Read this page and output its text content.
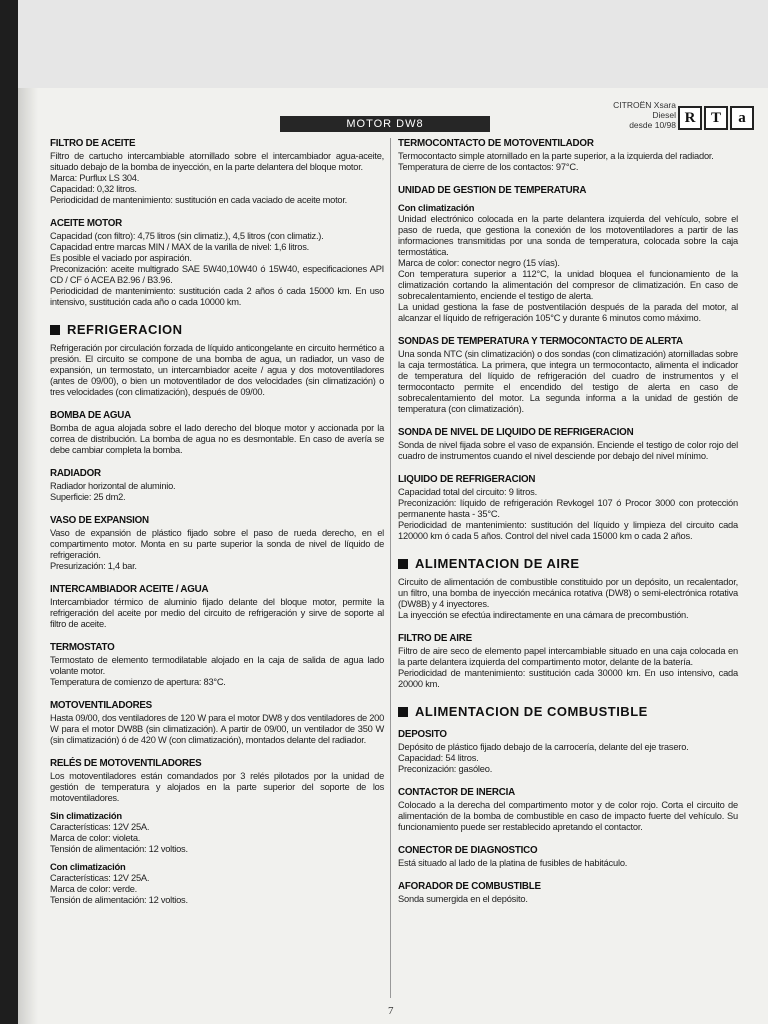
MOTOR DW8
CITROËN Xsara
Diesel
desde 10/98 R	T	a
FILTRO DE ACEITE

Filtro de cartucho intercambiable atornillado sobre el intercambiador agua-aceite, situado debajo de la bomba de inyección, en la parte delantera del bloque motor.
Marca: Purflux LS 304.
Capacidad: 0,32 litros.
Periodicidad de mantenimiento: sustitución en cada vaciado de aceite motor.

ACEITE MOTOR

Capacidad (con filtro): 4,75 litros (sin climatiz.), 4,5 litros (con climatiz.).
Capacidad entre marcas MIN / MAX de la varilla de nivel: 1,6 litros.
Es posible el vaciado por aspiración.
Preconización: aceite multigrado SAE 5W40,10W40 ó 15W40, especificaciones API CD / CF ó ACEA B2.96 / B3.96.
Periodicidad de mantenimiento: sustitución cada 2 años ó cada 15000 km. En uso intensivo, sustitución cada año o cada 10000 km.

REFRIGERACION

Refrigeración por circulación forzada de líquido anticongelante en circuito hermético a presión. El circuito se compone de una bomba de agua, un radiador, un vaso de expansión, un termostato, un intercambiador aceite / agua y dos motoventiladores (antes de 09/00), o bien un motoventilador de dos velocidades (sin climatización) o tres velocidades (con climatización), después de 09/00.

BOMBA DE AGUA

Bomba de agua alojada sobre el lado derecho del bloque motor y accionada por la correa de distribución. La bomba de agua no es desmontable. En caso de avería se debe cambiar completa la bomba.

RADIADOR

Radiador horizontal de aluminio.
Superficie: 25 dm2.

VASO DE EXPANSION

Vaso de expansión de plástico fijado sobre el paso de rueda derecho, en el compartimento motor. Monta en su parte superior la sonda de nivel de líquido de refrigeración.
Presurización: 1,4 bar.

INTERCAMBIADOR ACEITE / AGUA

Intercambiador térmico de aluminio fijado delante del bloque motor, permite la refrigeración del aceite por medio del circuito de refrigeración y sirve de soporte al filtro de aceite.

TERMOSTATO

Termostato de elemento termodilatable alojado en la caja de salida de agua lado volante motor.
Temperatura de comienzo de apertura: 83°C.

MOTOVENTILADORES

Hasta 09/00, dos ventiladores de 120 W para el motor DW8 y dos ventiladores de 200 W para el motor DW8B (sin climatización). A partir de 09/00, un ventilador de 350 W (sin climatización) ó de 420 W (con climatización), montados delante del radiador.

RELÉS DE MOTOVENTILADORES

Los motoventiladores están comandados por 3 relés pilotados por la unidad de gestión de temperatura y alojados en la parte superior del soporte de los motoventiladores.

Sin climatización

Características: 12V 25A.
Marca de color: violeta.
Tensión de alimentación: 12 voltios.

Con climatización

Características: 12V 25A.
Marca de color: verde.
Tensión de alimentación: 12 voltios.

TERMOCONTACTO DE MOTOVENTILADOR

Termocontacto simple atornillado en la parte superior, a la izquierda del radiador.
Temperatura de cierre de los contactos: 97°C.

UNIDAD DE GESTION DE TEMPERATURA
Con climatización

Unidad electrónico colocada en la parte delantera izquierda del vehículo, sobre el paso de rueda, que gestiona la conexión de los motoventiladores a partir de las informaciones transmitidas por una sonda de temperatura, colocada sobre la caja termostática.
Marca de color: conector negro (15 vías).
Con temperatura superior a 112°C, la unidad bloquea el funcionamiento de la climatización cortando la alimentación del compresor de climatización. En caso de sobrecalentamiento, enciende el testigo de alerta.
La unidad gestiona la fase de postventilación después de la parada del motor, al alcanzar el líquido de refrigeración 105°C y durante 6 minutos como máximo.

SONDAS DE TEMPERATURA Y TERMOCONTACTO DE ALERTA

Una sonda NTC (sin climatización) o dos sondas (con climatización) atornilladas sobre la caja termostática. La primera, que integra un termocontacto, alimenta el indicador de temperatura del líquido de refrigeración del cuadro de instrumentos y el termocontacto permite el encendido del testigo de alerta en caso de sobrecalentamiento del motor. La segunda informa a la unidad de gestión de temperatura (con climatización).

SONDA DE NIVEL DE LIQUIDO DE REFRIGERACION

Sonda de nivel fijada sobre el vaso de expansión. Enciende el testigo de color rojo del cuadro de instrumentos cuando el nivel desciende por debajo del nivel mínimo.

LIQUIDO DE REFRIGERACION

Capacidad total del circuito: 9 litros.
Preconización: líquido de refrigeración Revkogel 107 ó Procor 3000 con protección permanente hasta - 35°C.
Periodicidad de mantenimiento: sustitución del líquido y limpieza del circuito cada 120000 km ó cada 5 años. Control del nivel cada 15000 km o cada 2 años.

ALIMENTACION DE AIRE

Circuito de alimentación de combustible constituido por un depósito, un recalentador, un filtro, una bomba de inyección mecánica rotativa (DW8) o semi-electrónica rotativa (DW8B) y 4 inyectores.
La inyección se efectúa indirectamente en una cámara de precombustión.

FILTRO DE AIRE

Filtro de aire seco de elemento papel intercambiable situado en una caja colocada en la parte delantera izquierda del compartimento motor, delante de la batería.
Periodicidad de mantenimiento: sustitución cada 30000 km. En uso intensivo, cada 20000 km.

ALIMENTACION DE COMBUSTIBLE
DEPOSITO

Depósito de plástico fijado debajo de la carrocería, delante del eje trasero.
Capacidad: 54 litros.
Preconización: gasóleo.

CONTACTOR DE INERCIA

Colocado a la derecha del compartimento motor y de color rojo. Corta el circuito de alimentación de la bomba de combustible en caso de impacto fuerte del vehículo. Su funcionamiento puede ser restablecido apretando el contactor.

CONECTOR DE DIAGNOSTICO

Está situado al lado de la platina de fusibles de habitáculo.

AFORADOR DE COMBUSTIBLE

Sonda sumergida en el depósito.

7
